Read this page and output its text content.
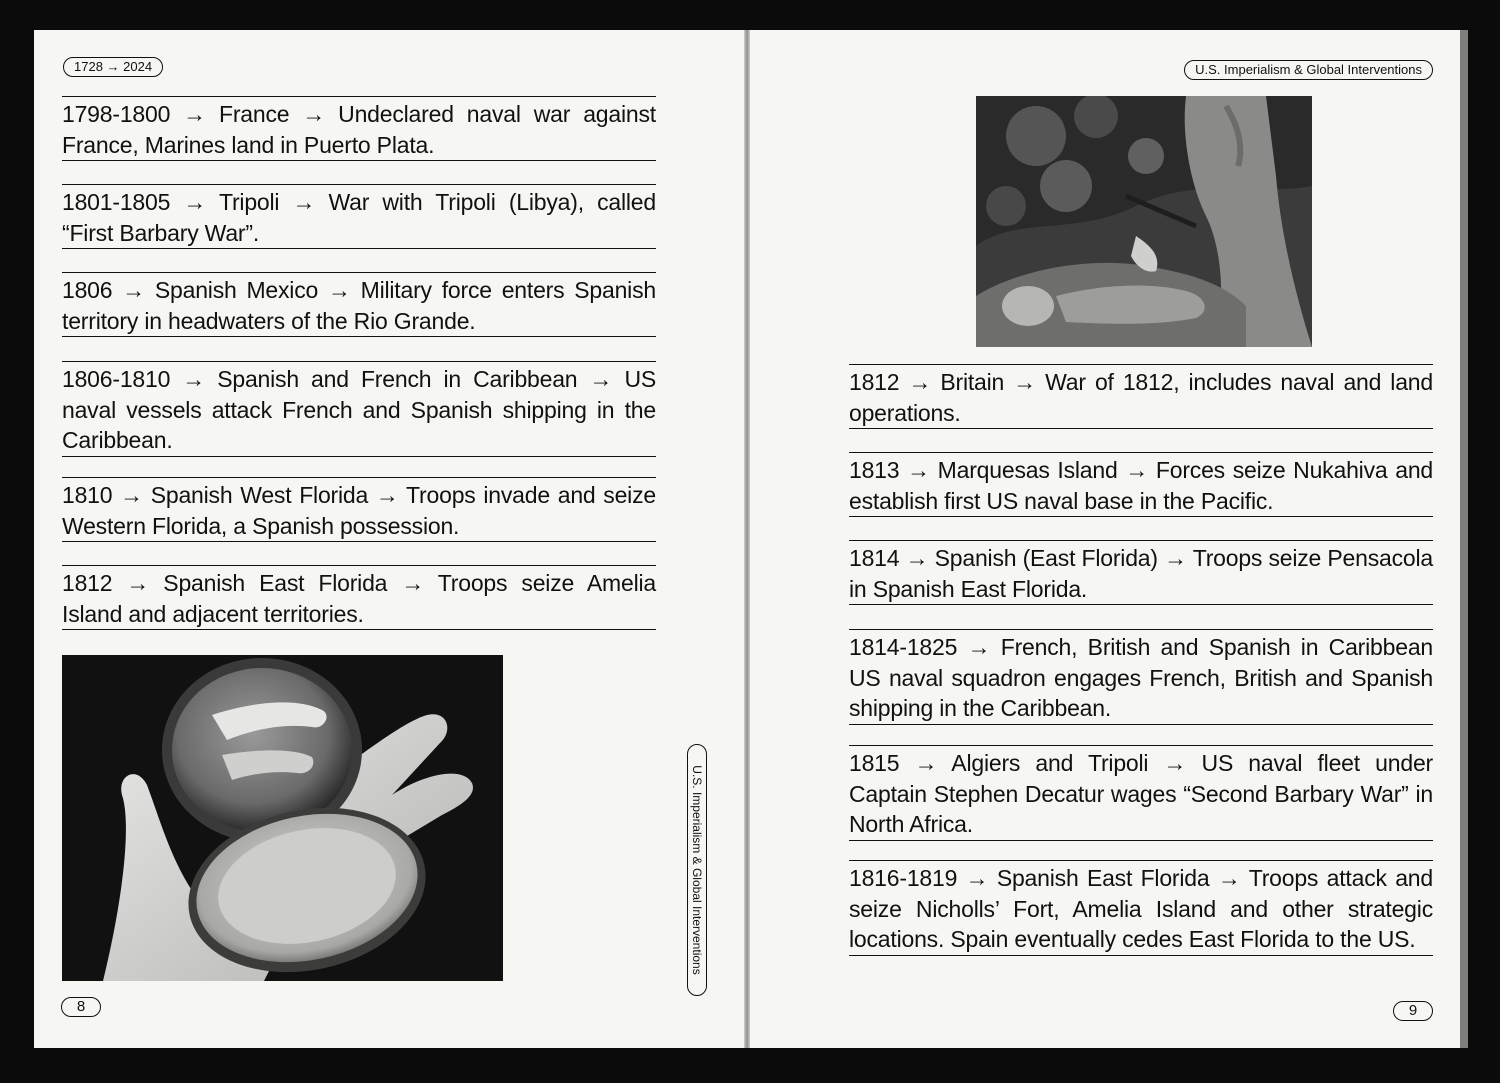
1728 → 2024
1798-1800 → France → Undeclared naval war against France, Marines land in Puerto Plata.
1801-1805 → Tripoli → War with Tripoli (Libya), called “First Barbary War”.
1806 → Spanish Mexico → Military force enters Spanish territory in headwaters of the Rio Grande.
1806-1810 → Spanish and French in Caribbean → US naval vessels attack French and Spanish shipping in the Caribbean.
1810 → Spanish West Florida → Troops invade and seize Western Florida, a Spanish possession.
1812 → Spanish East Florida → Troops seize Amelia Island and adjacent territories.
U.S. Imperialism & Global Interventions
8
U.S. Imperialism & Global Interventions
1812 → Britain → War of 1812, includes naval and land operations.
1813 → Marquesas Island → Forces seize Nukahiva and establish first US naval base in the Pacific.
1814 → Spanish (East Florida) → Troops seize Pensacola in Spanish East Florida.
1814-1825 → French, British and Spanish in Caribbean US naval squadron engages French, British and Spanish shipping in the Caribbean.
1815 → Algiers and Tripoli → US naval fleet under Captain Stephen Decatur wages “Second Barbary War” in North Africa.
1816-1819 → Spanish East Florida → Troops attack and seize Nicholls’ Fort, Amelia Island and other strategic locations. Spain eventually cedes East Florida to the US.
9
